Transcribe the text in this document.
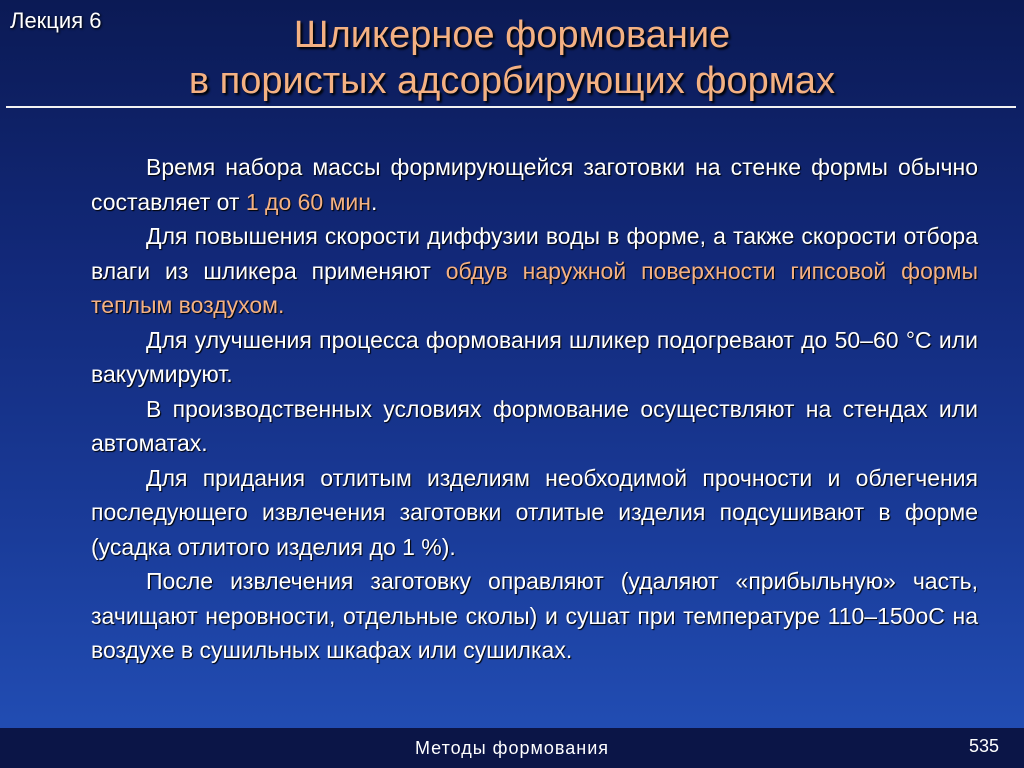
Лекция 6	Шликерное формование
в пористых адсорбирующих формах

Время набора массы формирующейся заготовки на стенке формы обычно составляет от 1 до 60 мин.

Для повышения скорости диффузии воды в форме, а также скорости отбора влаги из шликера применяют обдув наружной поверхности гипсовой формы теплым воздухом.

Для улучшения процесса формования шликер подогревают до 50–60 °С или вакуумируют.

В производственных условиях формование осуществляют на стендах или автоматах.

Для придания отлитым изделиям необходимой прочности и облегчения последующего извлечения заготовки отлитые изделия подсушивают в форме (усадка отлитого изделия до 1 %).

После извлечения заготовку оправляют (удаляют «прибыльную» часть, зачищают неровности, отдельные сколы) и сушат при температуре 110–150оС на воздухе в сушильных шкафах или сушилках.

Методы формования	535
